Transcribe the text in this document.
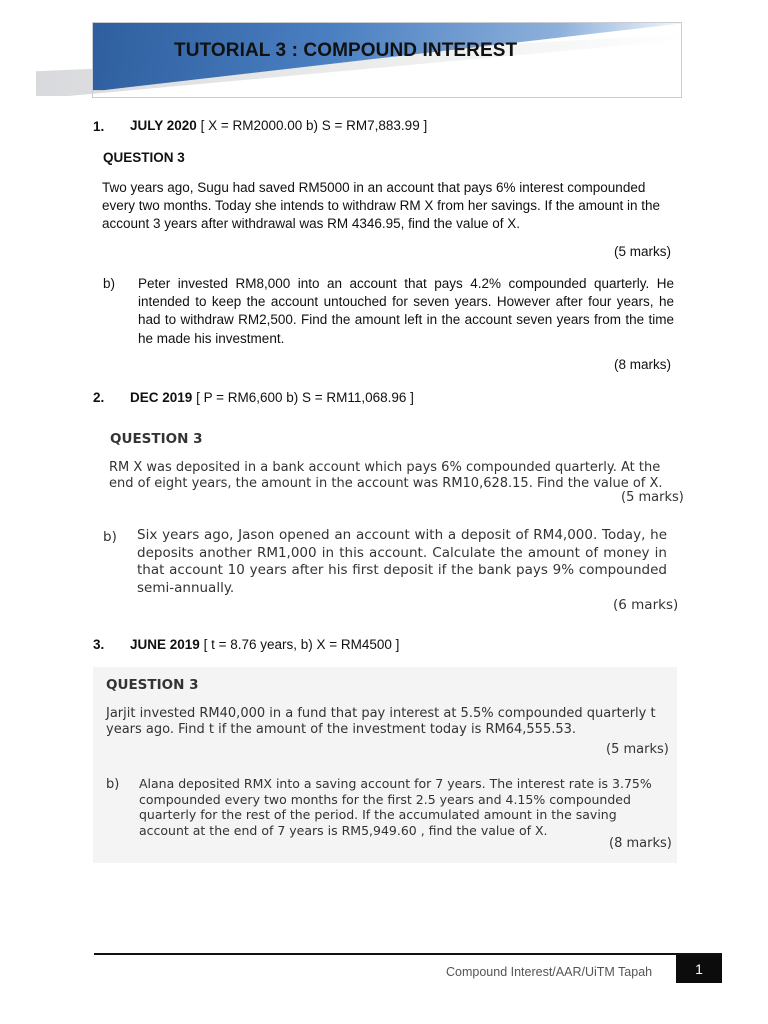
TUTORIAL 3 : COMPOUND INTEREST
1. JULY 2020 [ X = RM2000.00 b) S = RM7,883.99 ]
QUESTION 3
Two years ago, Sugu had saved RM5000 in an account that pays 6% interest compounded every two months. Today she intends to withdraw RM X from her savings. If the amount in the account 3 years after withdrawal was RM 4346.95, find the value of X.
(5 marks)
b) Peter invested RM8,000 into an account that pays 4.2% compounded quarterly. He intended to keep the account untouched for seven years. However after four years, he had to withdraw RM2,500. Find the amount left in the account seven years from the time he made his investment.
(8 marks)
2. DEC 2019 [ P = RM6,600 b) S = RM11,068.96 ]
QUESTION 3
RM X was deposited in a bank account which pays 6% compounded quarterly. At the end of eight years, the amount in the account was RM10,628.15. Find the value of X.
(5 marks)
b) Six years ago, Jason opened an account with a deposit of RM4,000. Today, he deposits another RM1,000 in this account. Calculate the amount of money in that account 10 years after his first deposit if the bank pays 9% compounded semi-annually.
(6 marks)
3. JUNE 2019 [ t = 8.76 years, b) X = RM4500 ]
QUESTION 3
Jarjit invested RM40,000 in a fund that pay interest at 5.5% compounded quarterly t years ago. Find t if the amount of the investment today is RM64,555.53.
(5 marks)
b) Alana deposited RMX into a saving account for 7 years. The interest rate is 3.75% compounded every two months for the first 2.5 years and 4.15% compounded quarterly for the rest of the period. If the accumulated amount in the saving account at the end of 7 years is RM5,949.60 , find the value of X.
(8 marks)
Compound Interest/AAR/UiTM Tapah	1
